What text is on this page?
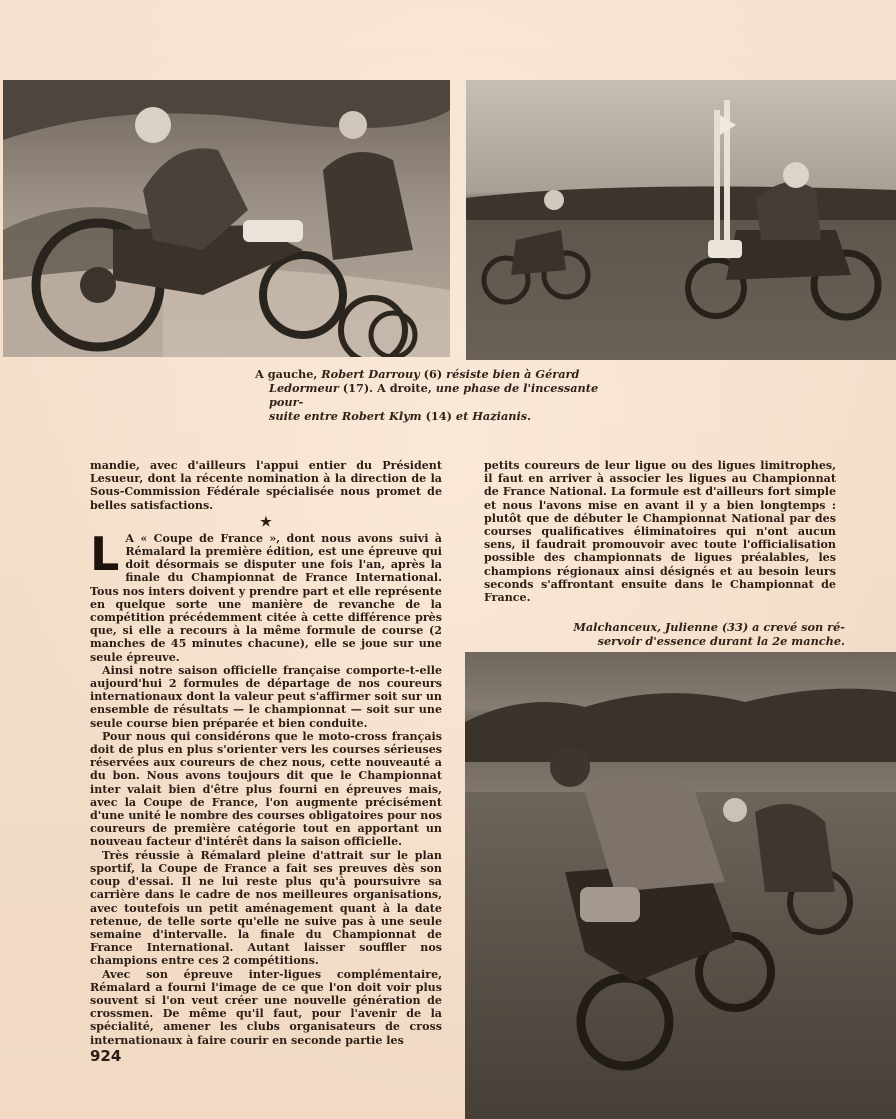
A gauche, Robert Darrouy (6) résiste bien à Gérard
Ledormeur (17). A droite, une phase de l'incessante pour-
suite entre Robert Klym (14) et Hazianis.

mandie, avec d'ailleurs l'appui entier du Président Lesueur, dont la récente nomination à la direction de la Sous-Commission Fédérale spécialisée nous promet de belles satisfactions.

★

L A « Coupe de France », dont nous avons suivi à Rémalard la première édition, est une épreuve qui doit désormais se disputer une fois l'an, après la finale du Championnat de France International. Tous nos inters doivent y prendre part et elle représente en quelque sorte une manière de revanche de la compétition précédemment citée à cette différence près que, si elle a recours à la même formule de course (2 manches de 45 minutes chacune), elle se joue sur une seule épreuve.

Ainsi notre saison officielle française comporte-t-elle aujourd'hui 2 formules de départage de nos coureurs internationaux dont la valeur peut s'affirmer soit sur un ensemble de résultats — le championnat — soit sur une seule course bien préparée et bien conduite.

Pour nous qui considérons que le moto-cross français doit de plus en plus s'orienter vers les courses sérieuses réservées aux coureurs de chez nous, cette nouveauté a du bon. Nous avons toujours dit que le Championnat inter valait bien d'être plus fourni en épreuves mais, avec la Coupe de France, l'on augmente précisément d'une unité le nombre des courses obligatoires pour nos coureurs de première catégorie tout en apportant un nouveau facteur d'intérêt dans la saison officielle.

Très réussie à Rémalard pleine d'attrait sur le plan sportif, la Coupe de France a fait ses preuves dès son coup d'essai. Il ne lui reste plus qu'à poursuivre sa carrière dans le cadre de nos meilleures organisations, avec toutefois un petit aménagement quant à la date retenue, de telle sorte qu'elle ne suive pas à une seule semaine d'intervalle. la finale du Championnat de France International. Autant laisser souffler nos champions entre ces 2 compétitions.

Avec son épreuve inter-ligues complémentaire, Rémalard a fourni l'image de ce que l'on doit voir plus souvent si l'on veut créer une nouvelle génération de crossmen. De même qu'il faut, pour l'avenir de la spécialité, amener les clubs organisateurs de cross internationaux à faire courir en seconde partie les

petits coureurs de leur ligue ou des ligues limitrophes, il faut en arriver à associer les ligues au Championnat de France National. La formule est d'ailleurs fort simple et nous l'avons mise en avant il y a bien longtemps : plutôt que de débuter le Championnat National par des courses qualificatives éliminatoires qui n'ont aucun sens, il faudrait promouvoir avec toute l'officialisation possible des championnats de ligues préalables, les champions régionaux ainsi désignés et au besoin leurs seconds s'affrontant ensuite dans le Championnat de France.

Malchanceux, Julienne (33) a crevé son ré-
servoir d'essence durant la 2e manche.
924
